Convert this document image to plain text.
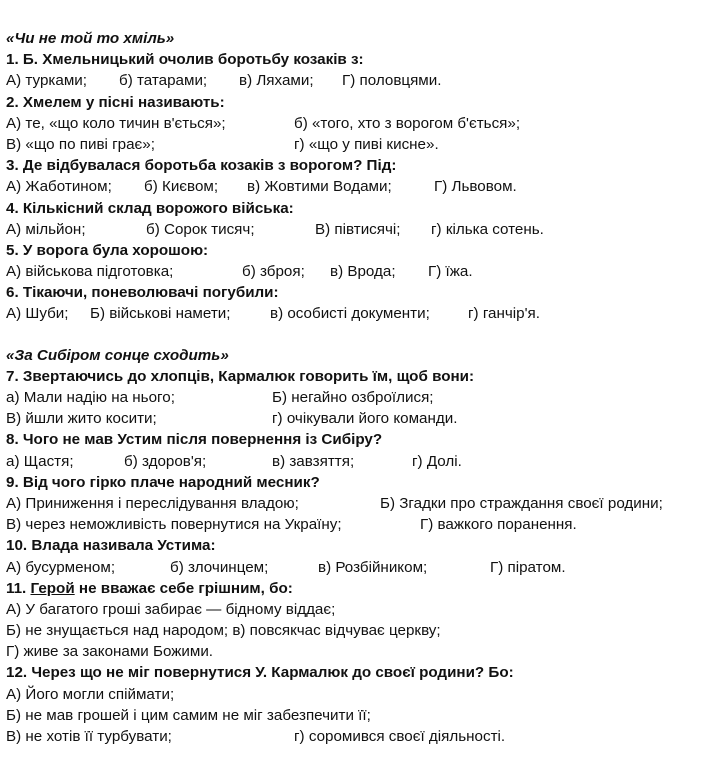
«Чи не той то хміль»
1. Б. Хмельницький очолив боротьбу козаків з:
А) турками; б) татарами; в) Ляхами; Г) половцями.
2. Хмелем у пісні називають:
А) те, «що коло тичин в'ється»;	б) «того, хто з ворогом б'ється»;
В) «що по пиві грає»;	г) «що у пиві кисне».
3. Де відбувалася боротьба козаків з ворогом? Під:
А) Жаботином; б) Києвом; в) Жовтими Водами;	Г) Львовом.
4. Кількісний склад ворожого війська:
А) мільйон;	б) Сорок тисяч;	В) півтисячі; г) кілька сотень.
5. У ворога була хорошою:
А) військова підготовка;	б) зброя; в) Врода; Г) їжа.
6. Тікаючи, поневолювачі погубили:
А) Шуби; Б) військові намети;	в) особисті документи;	г) ганчір'я.
«За Сибіром сонце сходить»
7. Звертаючись до хлопців, Кармалюк говорить їм, щоб вони:
а) Мали надію на нього;	Б) негайно озброїлися;
В) йшли жито косити;	г) очікували його команди.
8. Чого не мав Устим після повернення із Сибіру?
а) Щастя;	б) здоров'я;	в) завзяття;	г) Долі.
9. Від чого гірко плаче народний месник?
А) Приниження і переслідування владою;	Б) Згадки про страждання своєї родини;
В) через неможливість повернутися на Україну;	Г) важкого поранення.
10. Влада називала Устима:
А) бусурменом;	б) злочинцем;	в) Розбійником;	Г) піратом.
11. Герой не вважає себе грішним, бо:
А) У багатого гроші забирає — бідному віддає;
Б) не знущається над народом; в) повсякчас відчуває церкву;
Г) живе за законами Божими.
12. Через що не міг повернутися У. Кармалюк до своєї родини? Бо:
А) Його могли спіймати;
Б) не мав грошей і цим самим не міг забезпечити її;
В) не хотів її турбувати;	г) соромився своєї діяльності.
